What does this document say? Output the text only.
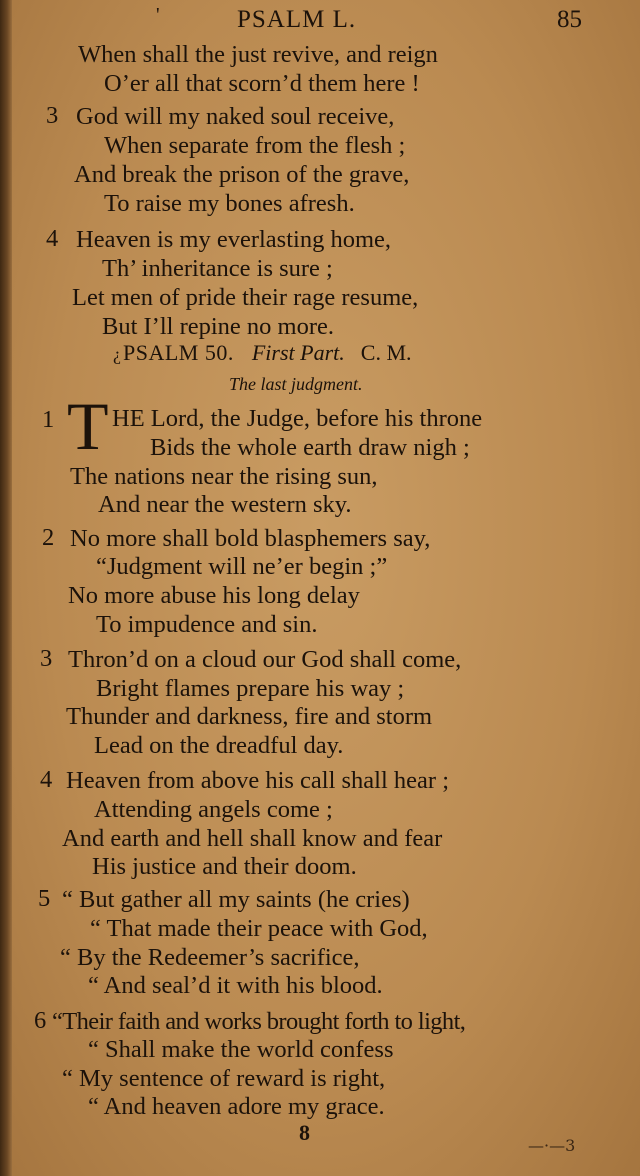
'	PSALM L.	85
When shall the just revive, and reign
O’er all that scorn’d them here !
3 God will my naked soul receive,
When separate from the flesh ;
And break the prison of the grave,
To raise my bones afresh.
4 Heaven is my everlasting home,
Th’ inheritance is sure ;
Let men of pride their rage resume,
But I’ll repine no more.
¿PSALM 50. First Part. C. M.
The last judgment.
1 T HE Lord, the Judge, before his throne
Bids the whole earth draw nigh ;
The nations near the rising sun,
And near the western sky.
2 No more shall bold blasphemers say,
“Judgment will ne’er begin ;”
No more abuse his long delay
To impudence and sin.
3 Thron’d on a cloud our God shall come,
Bright flames prepare his way ;
Thunder and darkness, fire and storm
Lead on the dreadful day.
4 Heaven from above his call shall hear ;
Attending angels come ;
And earth and hell shall know and fear
His justice and their doom.
5 “ But gather all my saints (he cries)
“ That made their peace with God,
“ By the Redeemer’s sacrifice,
“ And seal’d it with his blood.
6 “Their faith and works brought forth to light,
“ Shall make the world confess
“ My sentence of reward is right,
“ And heaven adore my grace.
8
—·—3
